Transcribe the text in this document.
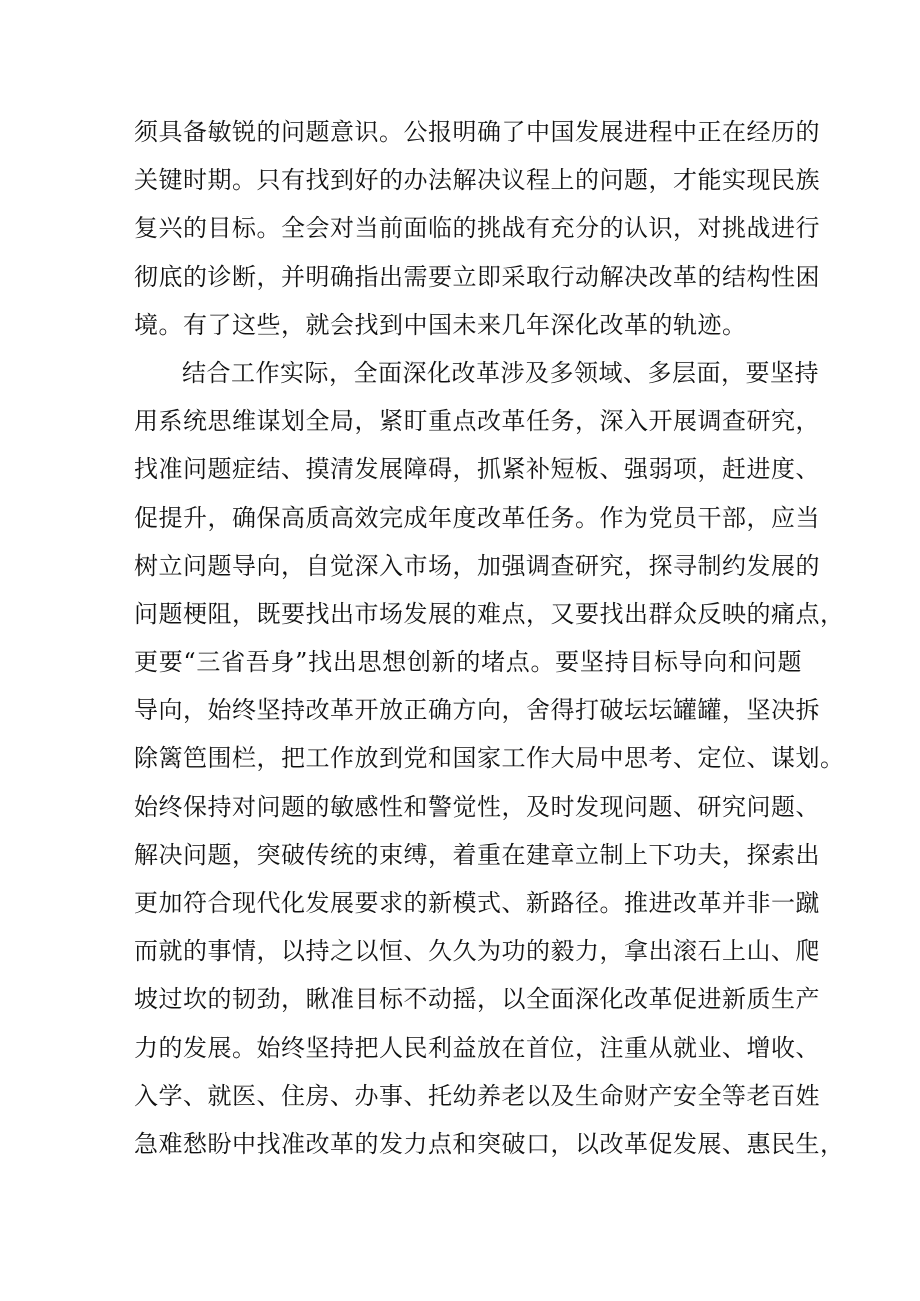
须具备敏锐的问题意识。公报明确了中国发展进程中正在经历的
关键时期。只有找到好的办法解决议程上的问题，才能实现民族
复兴的目标。全会对当前面临的挑战有充分的认识，对挑战进行
彻底的诊断，并明确指出需要立即采取行动解决改革的结构性困
境。有了这些，就会找到中国未来几年深化改革的轨迹。
结合工作实际，全面深化改革涉及多领域、多层面，要坚持
用系统思维谋划全局，紧盯重点改革任务，深入开展调查研究，
找准问题症结、摸清发展障碍，抓紧补短板、强弱项，赶进度、
促提升，确保高质高效完成年度改革任务。作为党员干部，应当
树立问题导向，自觉深入市场，加强调查研究，探寻制约发展的
问题梗阻，既要找出市场发展的难点，又要找出群众反映的痛点，
更要“三省吾身”找出思想创新的堵点。要坚持目标导向和问题
导向，始终坚持改革开放正确方向，舍得打破坛坛罐罐，坚决拆
除篱笆围栏，把工作放到党和国家工作大局中思考、定位、谋划。
始终保持对问题的敏感性和警觉性，及时发现问题、研究问题、
解决问题，突破传统的束缚，着重在建章立制上下功夫，探索出
更加符合现代化发展要求的新模式、新路径。推进改革并非一蹴
而就的事情，以持之以恒、久久为功的毅力，拿出滚石上山、爬
坡过坎的韧劲，瞅准目标不动摇，以全面深化改革促进新质生产
力的发展。始终坚持把人民利益放在首位，注重从就业、增收、
入学、就医、住房、办事、托幼养老以及生命财产安全等老百姓
急难愁盼中找准改革的发力点和突破口，以改革促发展、惠民生，
